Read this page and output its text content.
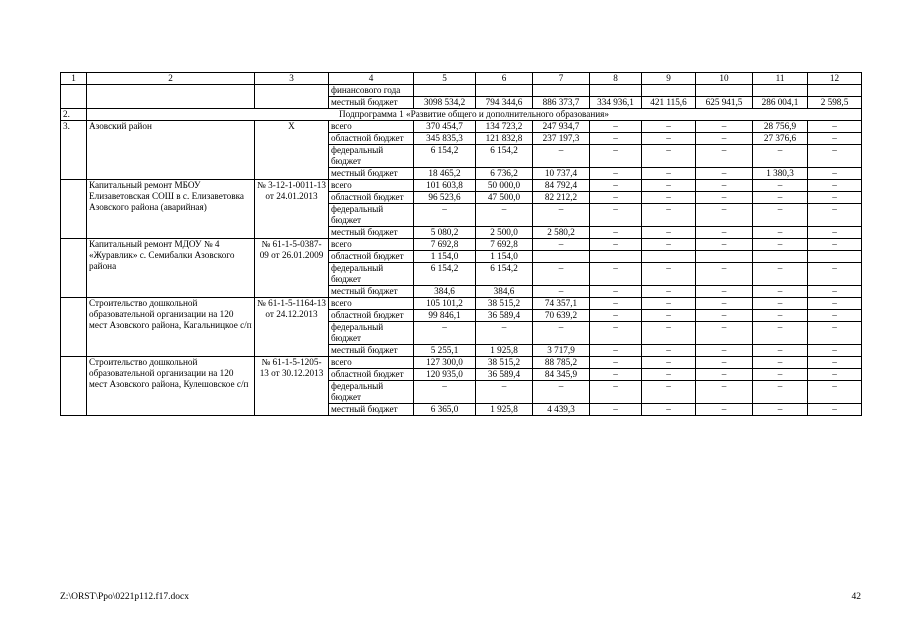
1	2	3	4	5	6	7	8	9	10	11	12
			финансового года								
			местный бюджет	3098 534,2	794 344,6	886 373,7	334 936,1	421 115,6	625 941,5	286 004,1	2 598,5
2.	Подпрограмма 1 «Развитие общего и дополнительного образования»										
3.	Азовский район	Х	всего	370 454,7	134 723,2	247 934,7	–	–	–	28 756,9	–
			областной бюджет	345 835,3	121 832,8	237 197,3	–	–	–	27 376,6	–
			федеральный бюджет	6 154,2	6 154,2	–	–	–	–	–	–
			местный бюджет	18 465,2	6 736,2	10 737,4	–	–	–	1 380,3	–
	Капитальный ремонт МБОУ Елизаветовская СОШ в с. Елизаветовка Азовского района (аварийная)	№ 3-12-1-0011-13 от 24.01.2013	всего	101 603,8	50 000,0	84 792,4	–	–	–	–	–
			областной бюджет	96 523,6	47 500,0	82 212,2	–	–	–	–	–
			федеральный бюджет	–	–	–	–	–	–	–	–
			местный бюджет	5 080,2	2 500,0	2 580,2	–	–	–	–	–
	Капитальный ремонт МДОУ № 4 «Журавлик» с. Семибалки Азовского района	№ 61-1-5-0387-09 от 26.01.2009	всего	7 692,8	7 692,8	–	–	–	–	–	–
			областной бюджет	1 154,0	1 154,0						
			федеральный бюджет	6 154,2	6 154,2	–	–	–	–	–	–
			местный бюджет	384,6	384,6	–	–	–	–	–	–
	Строительство дошкольной образовательной организации на 120 мест Азовского района, Кагальницкое с/п	№ 61-1-5-1164-13 от 24.12.2013	всего	105 101,2	38 515,2	74 357,1	–	–	–	–	–
			областной бюджет	99 846,1	36 589,4	70 639,2	–	–	–	–	–
			федеральный бюджет	–	–	–	–	–	–	–	–
			местный бюджет	5 255,1	1 925,8	3 717,9	–	–	–	–	–
	Строительство дошкольной образовательной организации на 120 мест Азовского района, Кулешовское с/п	№ 61-1-5-1205-13 от 30.12.2013	всего	127 300,0	38 515,2	88 785,2	–	–	–	–	–
			областной бюджет	120 935,0	36 589,4	84 345,9	–	–	–	–	–
			федеральный бюджет	–	–	–	–	–	–	–	–
			местный бюджет	6 365,0	1 925,8	4 439,3	–	–	–	–	–
Z:\ORST\Ppo\0221p112.f17.docx	42
